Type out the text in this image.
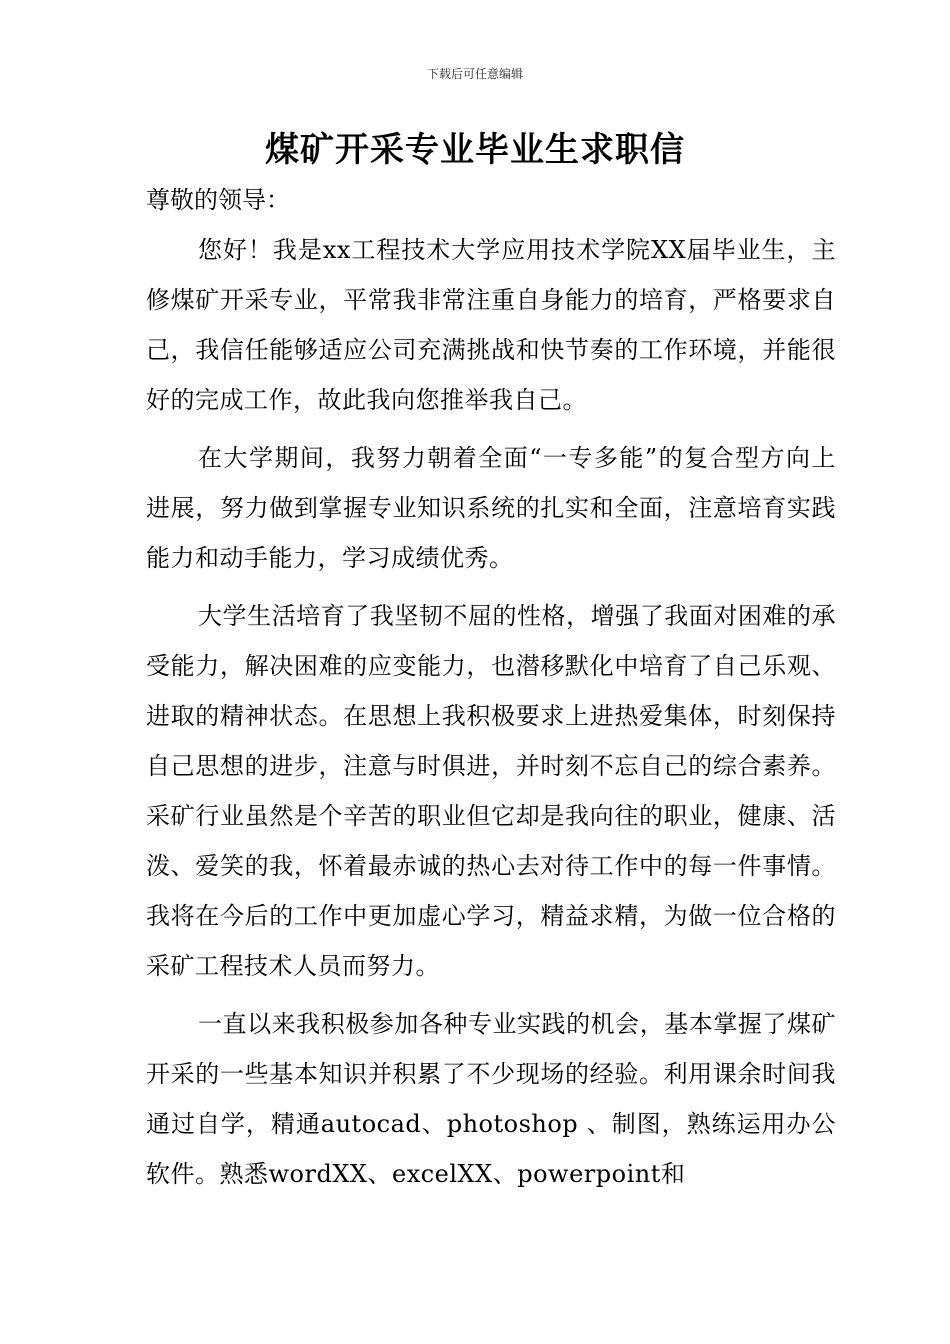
下载后可任意编辑
煤矿开采专业毕业生求职信

尊敬的领导：

您好！我是xx工程技术大学应用技术学院XX届毕业生，主修煤矿开采专业，平常我非常注重自身能力的培育，严格要求自己，我信任能够适应公司充满挑战和快节奏的工作环境，并能很好的完成工作，故此我向您推举我自己。

在大学期间，我努力朝着全面“一专多能”的复合型方向上进展，努力做到掌握专业知识系统的扎实和全面，注意培育实践能力和动手能力，学习成绩优秀。

大学生活培育了我坚韧不屈的性格，增强了我面对困难的承受能力，解决困难的应变能力，也潜移默化中培育了自己乐观、进取的精神状态。在思想上我积极要求上进热爱集体，时刻保持自己思想的进步，注意与时俱进，并时刻不忘自己的综合素养。采矿行业虽然是个辛苦的职业但它却是我向往的职业，健康、活泼、爱笑的我，怀着最赤诚的热心去对待工作中的每一件事情。我将在今后的工作中更加虚心学习，精益求精，为做一位合格的采矿工程技术人员而努力。

一直以来我积极参加各种专业实践的机会，基本掌握了煤矿开采的一些基本知识并积累了不少现场的经验。利用课余时间我通过自学，精通autocad、photoshop 、制图，熟练运用办公软件。熟悉wordXX、excelXX、powerpoint和
